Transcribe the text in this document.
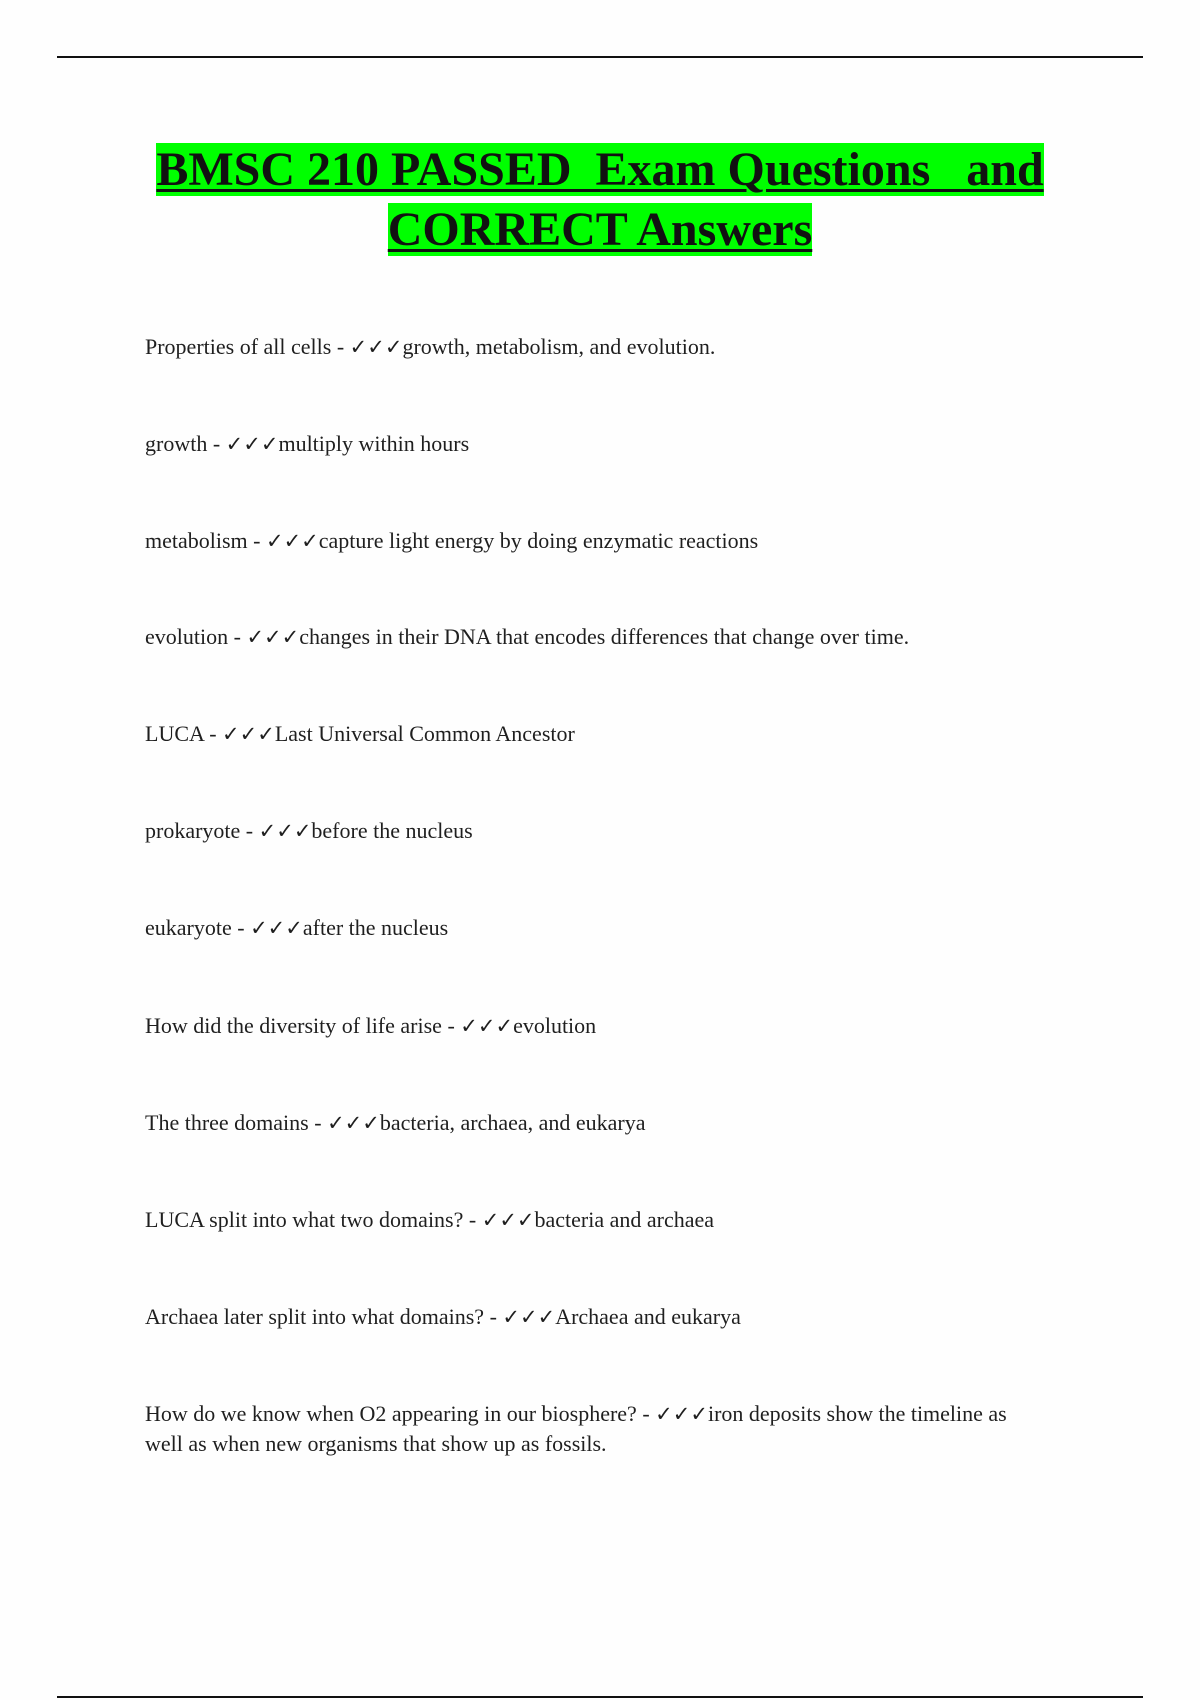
BMSC 210 PASSED  Exam Questions   and
CORRECT Answers

Properties of all cells - ✓✓✓growth, metabolism, and evolution.

growth - ✓✓✓multiply within hours

metabolism - ✓✓✓capture light energy by doing enzymatic reactions

evolution - ✓✓✓changes in their DNA that encodes differences that change over time.

LUCA - ✓✓✓Last Universal Common Ancestor

prokaryote - ✓✓✓before the nucleus

eukaryote - ✓✓✓after the nucleus

How did the diversity of life arise - ✓✓✓evolution

The three domains - ✓✓✓bacteria, archaea, and eukarya

LUCA split into what two domains? - ✓✓✓bacteria and archaea

Archaea later split into what domains? - ✓✓✓Archaea and eukarya

How do we know when O2 appearing in our biosphere? - ✓✓✓iron deposits show the timeline as well as when new organisms that show up as fossils.
